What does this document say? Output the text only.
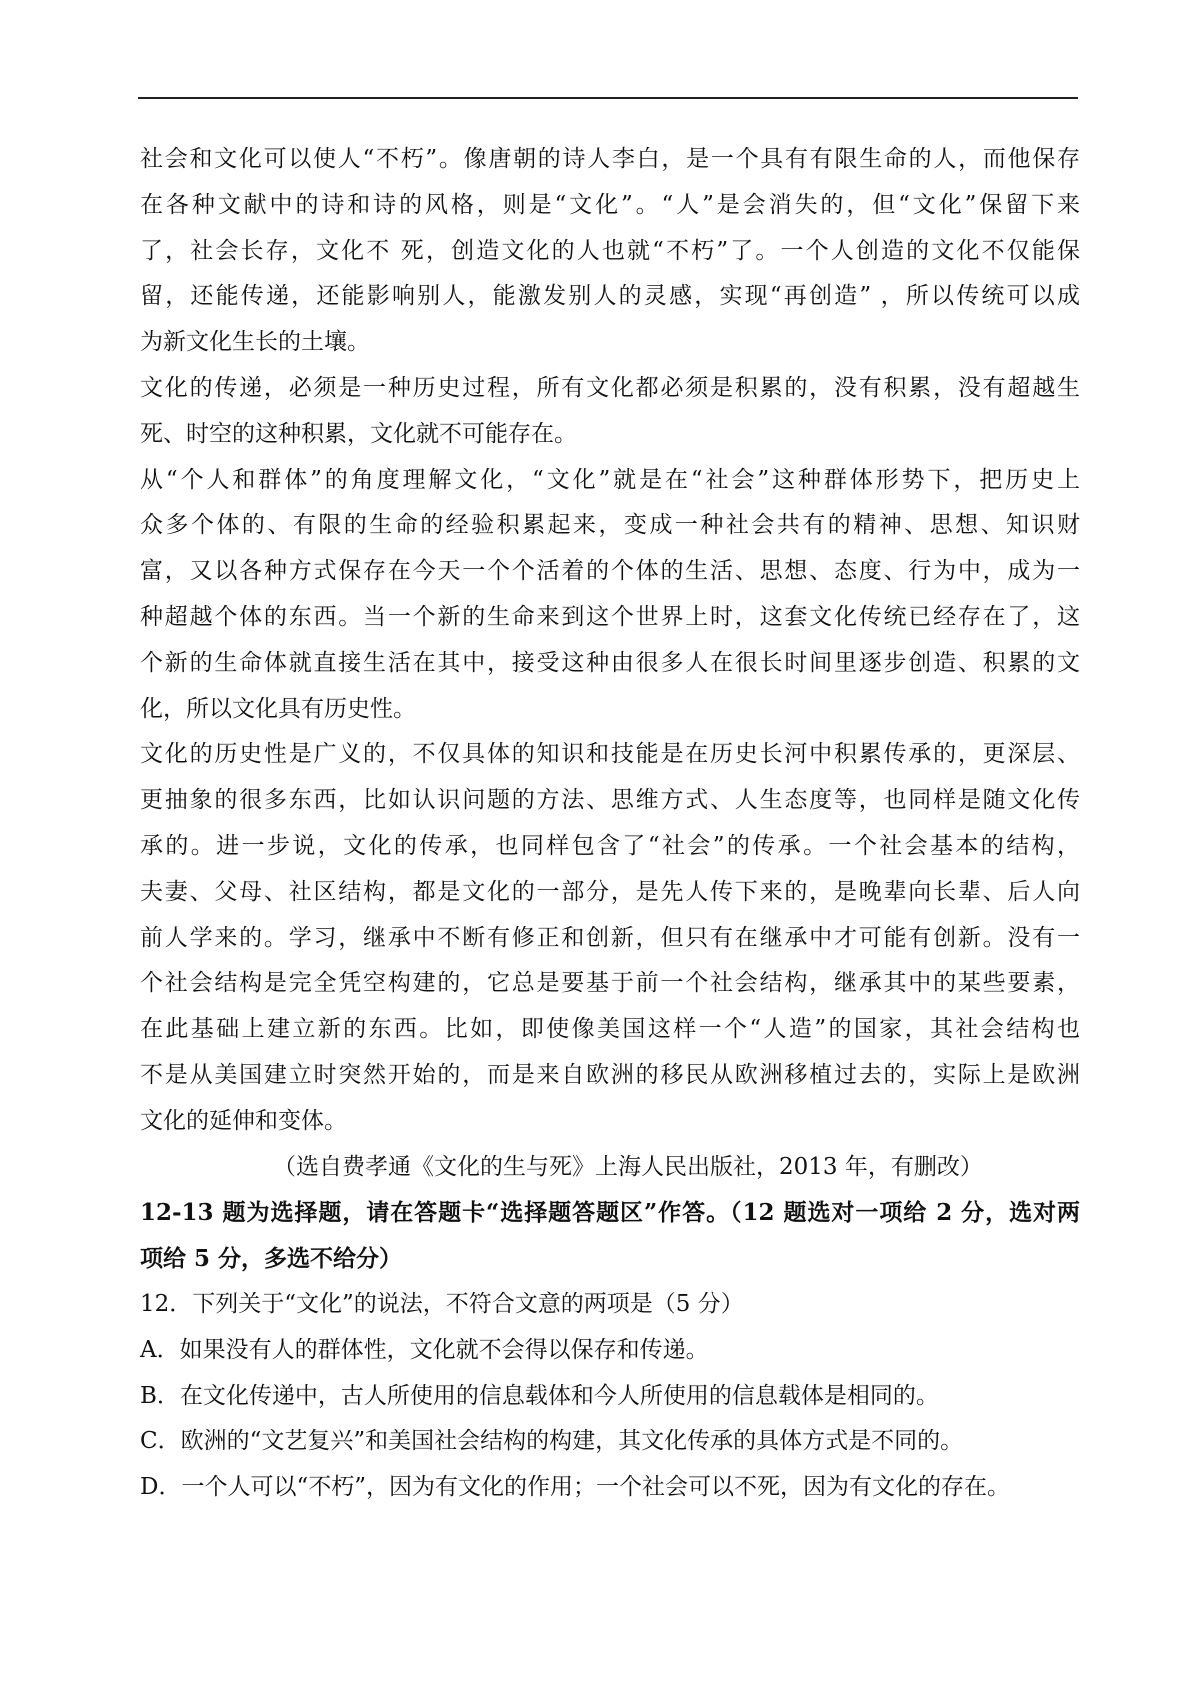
社会和文化可以使人“不朽”。像唐朝的诗人李白，是一个具有有限生命的人，而他保存

在各种文献中的诗和诗的风格，则是“文化”。“人”是会消失的，但“文化”保留下来

了，社会长存，文化不 死，创造文化的人也就“不朽”了。一个人创造的文化不仅能保

留，还能传递，还能影响别人，能激发别人的灵感，实现“再创造” ，所以传统可以成

为新文化生长的土壤。

文化的传递，必须是一种历史过程，所有文化都必须是积累的，没有积累，没有超越生

死、时空的这种积累，文化就不可能存在。

从“个人和群体”的角度理解文化，“文化”就是在“社会”这种群体形势下，把历史上

众多个体的、有限的生命的经验积累起来，变成一种社会共有的精神、思想、知识财

富，又以各种方式保存在今天一个个活着的个体的生活、思想、态度、行为中，成为一

种超越个体的东西。当一个新的生命来到这个世界上时，这套文化传统已经存在了，这

个新的生命体就直接生活在其中，接受这种由很多人在很长时间里逐步创造、积累的文

化，所以文化具有历史性。

文化的历史性是广义的，不仅具体的知识和技能是在历史长河中积累传承的，更深层、

更抽象的很多东西，比如认识问题的方法、思维方式、人生态度等，也同样是随文化传

承的。进一步说，文化的传承，也同样包含了“社会”的传承。一个社会基本的结构，

夫妻、父母、社区结构，都是文化的一部分，是先人传下来的，是晚辈向长辈、后人向

前人学来的。学习，继承中不断有修正和创新，但只有在继承中才可能有创新。没有一

个社会结构是完全凭空构建的，它总是要基于前一个社会结构，继承其中的某些要素，

在此基础上建立新的东西。比如，即使像美国这样一个“人造”的国家，其社会结构也

不是从美国建立时突然开始的，而是来自欧洲的移民从欧洲移植过去的，实际上是欧洲

文化的延伸和变体。

（选自费孝通《文化的生与死》上海人民出版社，2013 年，有删改）

12-13 题为选择题，请在答题卡“选择题答题区”作答。（12 题选对一项给 2 分，选对两

项给 5 分，多选不给分）

12．下列关于“文化”的说法，不符合文意的两项是（5 分）

A．如果没有人的群体性，文化就不会得以保存和传递。

B．在文化传递中，古人所使用的信息载体和今人所使用的信息载体是相同的。

C．欧洲的“文艺复兴”和美国社会结构的构建，其文化传承的具体方式是不同的。

D．一个人可以“不朽”，因为有文化的作用；一个社会可以不死，因为有文化的存在。
